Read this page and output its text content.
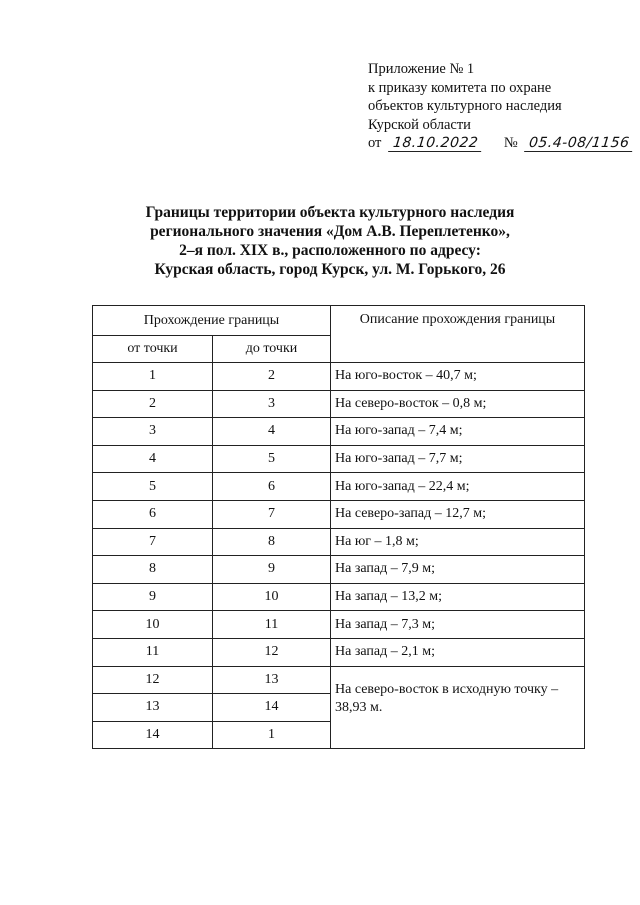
Приложение № 1
к приказу комитета по охране
объектов культурного наследия
Курской области
от 18.10.2022 № 05.4-08/1156
Границы территории объекта культурного наследия
регионального значения «Дом А.В. Переплетенко»,
2–я пол. XIX в., расположенного по адресу:
Курская область, город Курск, ул. М. Горького, 26
Прохождение границы		Описание прохождения границы
от точки	до точки	
1	2	На юго-восток – 40,7 м;
2	3	На северо-восток – 0,8 м;
3	4	На юго-запад – 7,4 м;
4	5	На юго-запад – 7,7 м;
5	6	На юго-запад – 22,4 м;
6	7	На северо-запад – 12,7 м;
7	8	На юг – 1,8 м;
8	9	На запад – 7,9 м;
9	10	На запад – 13,2 м;
10	11	На запад – 7,3 м;
11	12	На запад – 2,1 м;
12	13	На северо-восток в исходную точку – 38,93 м.
13	14	
14	1	
